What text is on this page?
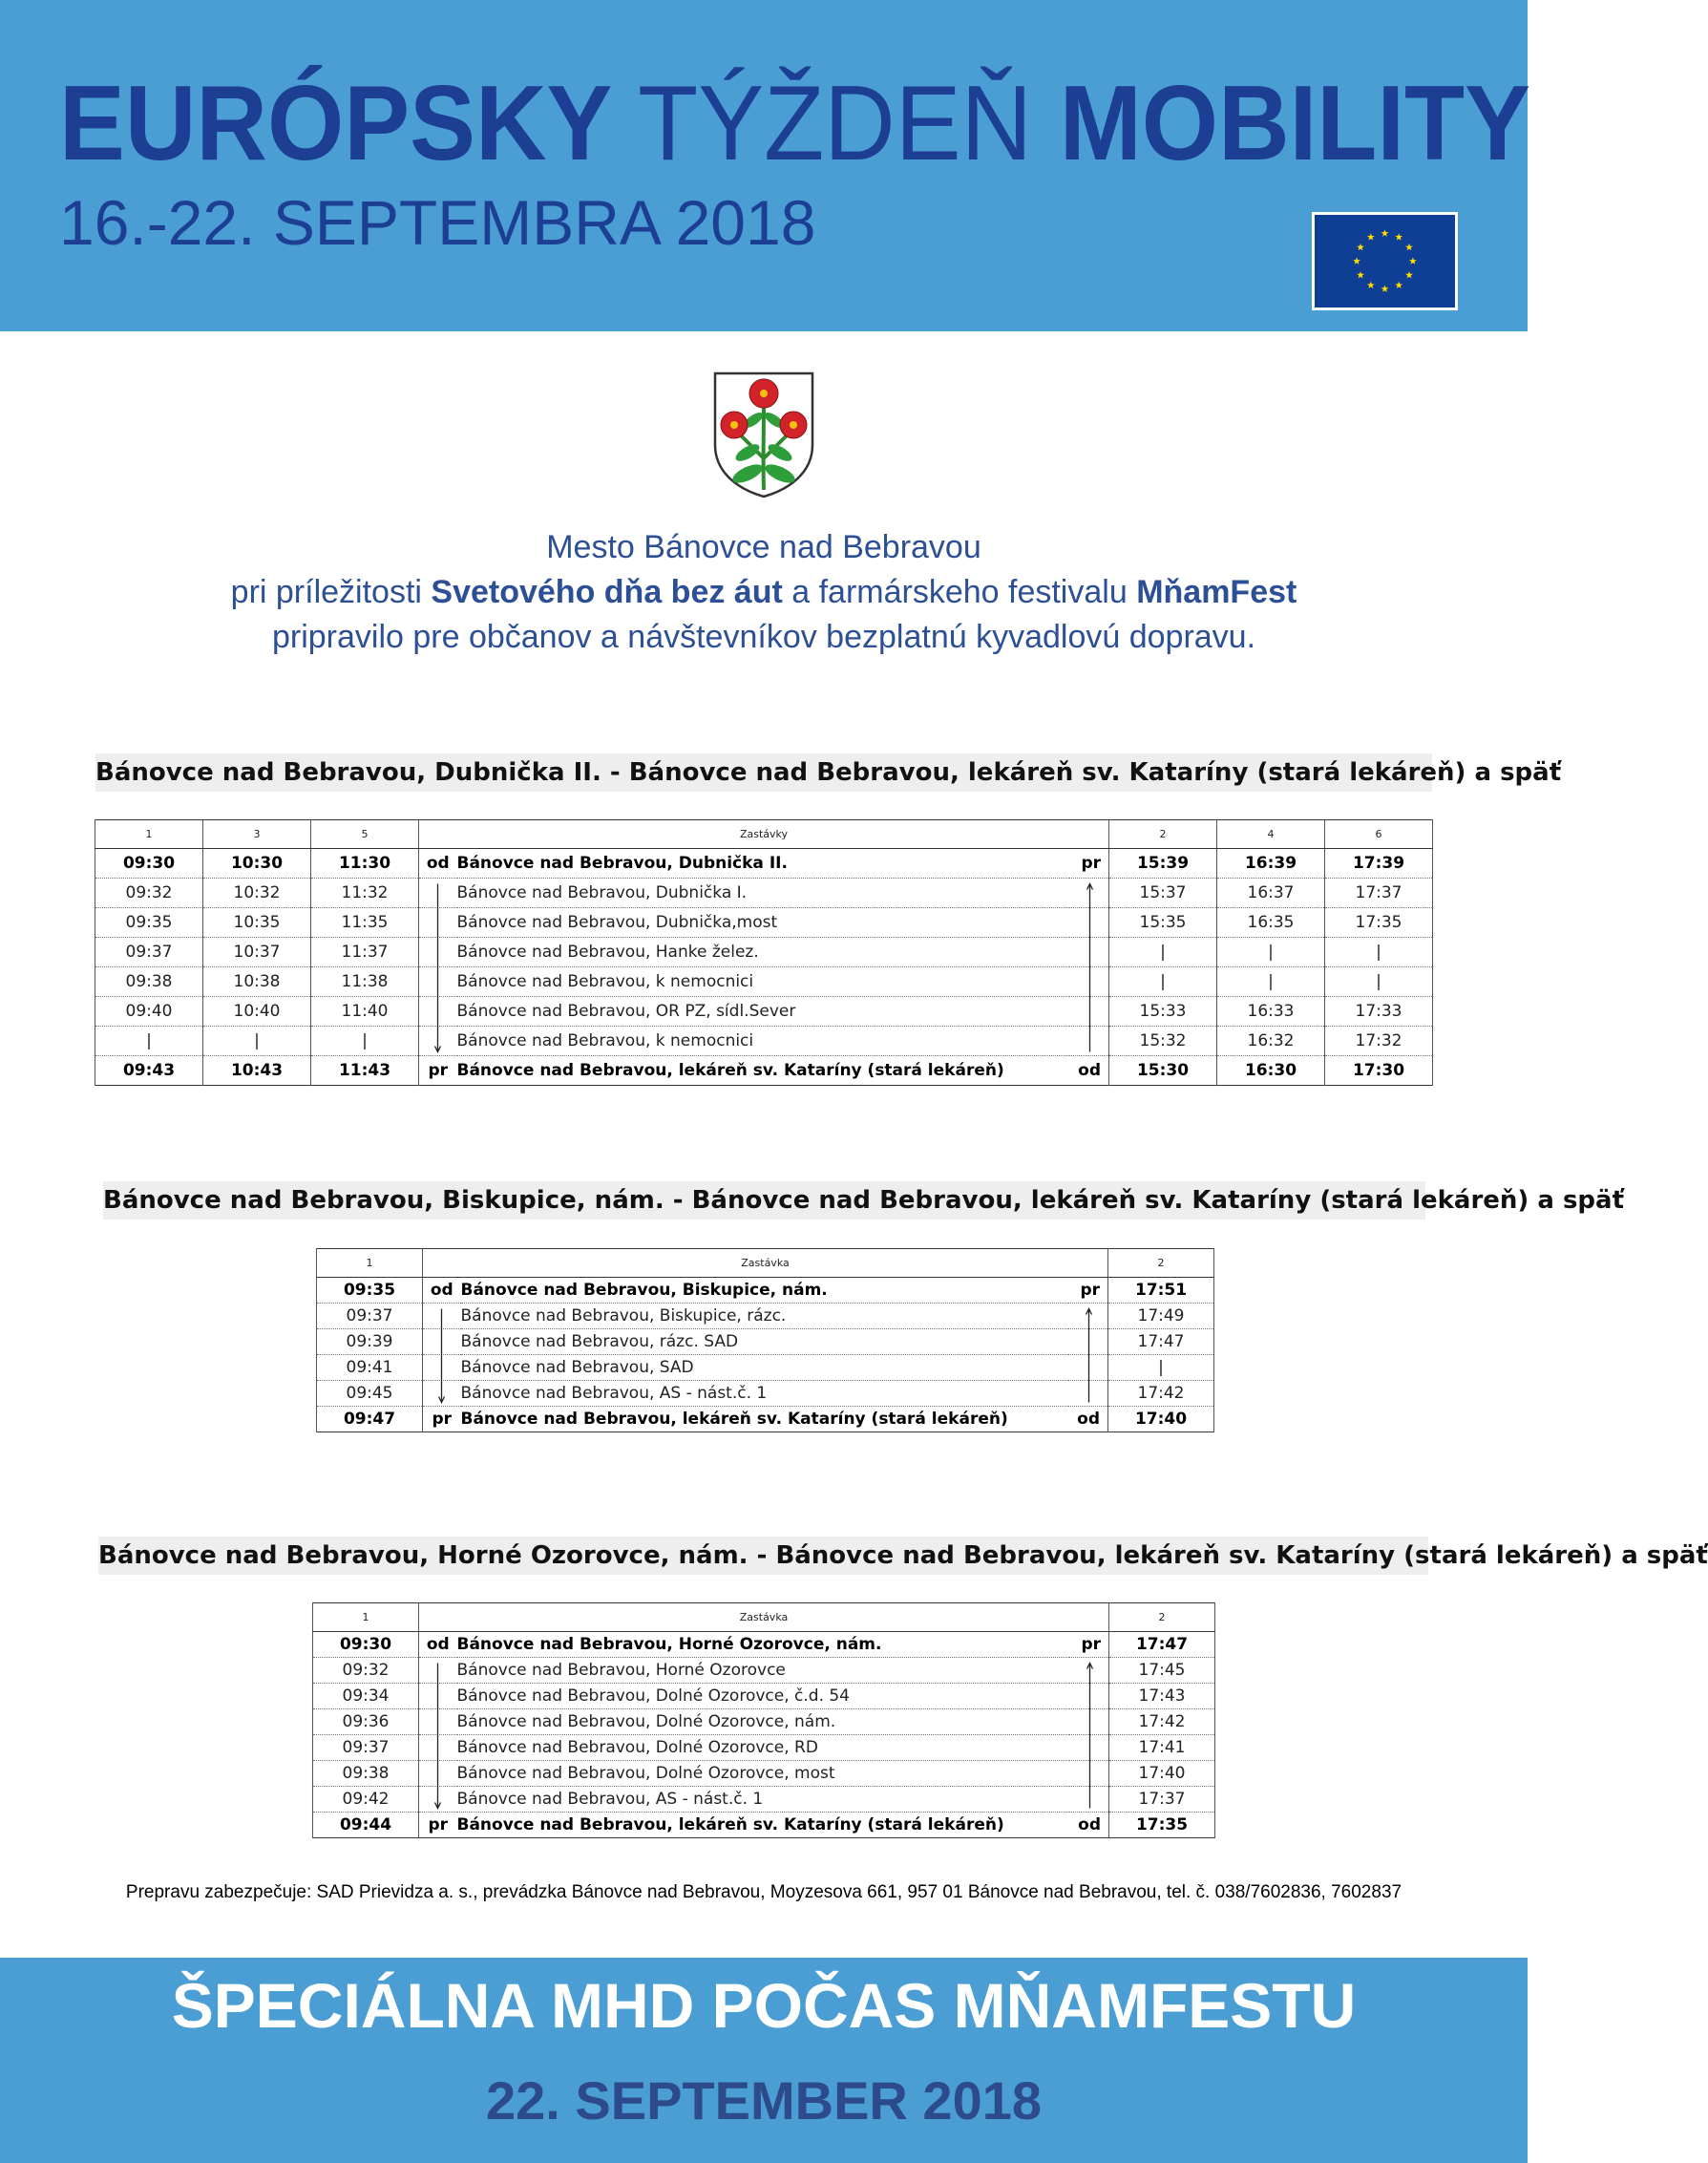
EURÓPSKY TÝŽDEŇ MOBILITY
16.-22. SEPTEMBRA 2018
Mesto Bánovce nad Bebravou
pri príležitosti Svetového dňa bez áut a farmárskeho festivalu MňamFest
pripravilo pre občanov a návštevníkov bezplatnú kyvadlovú dopravu.
Bánovce nad Bebravou, Dubnička II. - Bánovce nad Bebravou, lekáreň sv. Kataríny (stará lekáreň) a späť
1	3	5	Zastávky			2	4	6
09:30	10:30	11:30	od	Bánovce nad Bebravou, Dubnička II.	pr	15:39	16:39	17:39
09:32	10:32	11:32		Bánovce nad Bebravou, Dubnička I.		15:37	16:37	17:37
09:35	10:35	11:35		Bánovce nad Bebravou, Dubnička,most		15:35	16:35	17:35
09:37	10:37	11:37		Bánovce nad Bebravou, Hanke želez.		|	|	|
09:38	10:38	11:38		Bánovce nad Bebravou, k nemocnici		|	|	|
09:40	10:40	11:40		Bánovce nad Bebravou, OR PZ, sídl.Sever		15:33	16:33	17:33
|	|	|		Bánovce nad Bebravou, k nemocnici		15:32	16:32	17:32
09:43	10:43	11:43	pr	Bánovce nad Bebravou, lekáreň sv. Kataríny (stará lekáreň)	od	15:30	16:30	17:30
Bánovce nad Bebravou, Biskupice, nám. - Bánovce nad Bebravou, lekáreň sv. Kataríny (stará lekáreň) a späť
1	Zastávka			2
09:35	od	Bánovce nad Bebravou, Biskupice, nám.	pr	17:51
09:37		Bánovce nad Bebravou, Biskupice, rázc.		17:49
09:39		Bánovce nad Bebravou, rázc. SAD		17:47
09:41		Bánovce nad Bebravou, SAD		|
09:45		Bánovce nad Bebravou, AS - nást.č. 1		17:42
09:47	pr	Bánovce nad Bebravou, lekáreň sv. Kataríny (stará lekáreň)	od	17:40
Bánovce nad Bebravou, Horné Ozorovce, nám. - Bánovce nad Bebravou, lekáreň sv. Kataríny (stará lekáreň) a späť
1	Zastávka			2
09:30	od	Bánovce nad Bebravou, Horné Ozorovce, nám.	pr	17:47
09:32		Bánovce nad Bebravou, Horné Ozorovce		17:45
09:34		Bánovce nad Bebravou, Dolné Ozorovce, č.d. 54		17:43
09:36		Bánovce nad Bebravou, Dolné Ozorovce, nám.		17:42
09:37		Bánovce nad Bebravou, Dolné Ozorovce, RD		17:41
09:38		Bánovce nad Bebravou, Dolné Ozorovce, most		17:40
09:42		Bánovce nad Bebravou, AS - nást.č. 1		17:37
09:44	pr	Bánovce nad Bebravou, lekáreň sv. Kataríny (stará lekáreň)	od	17:35
Prepravu zabezpečuje: SAD Prievidza a. s., prevádzka Bánovce nad Bebravou, Moyzesova 661, 957 01 Bánovce nad Bebravou, tel. č. 038/7602836, 7602837
ŠPECIÁLNA MHD POČAS MŇAMFESTU
22. SEPTEMBER 2018
